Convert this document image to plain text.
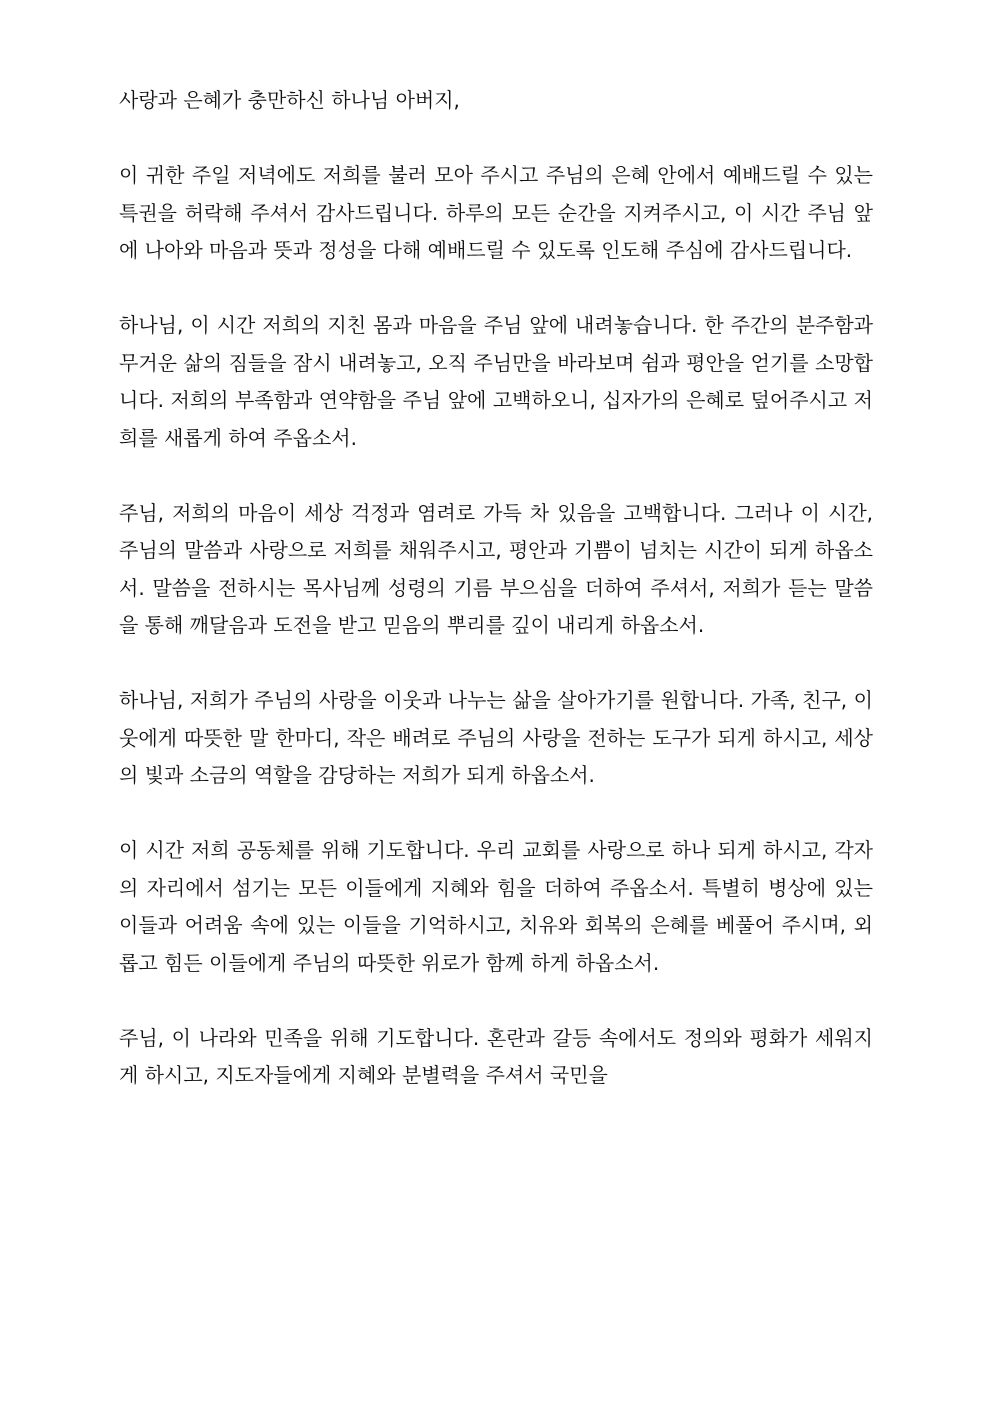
사랑과 은혜가 충만하신 하나님 아버지,

이 귀한 주일 저녁에도 저희를 불러 모아 주시고 주님의 은혜 안에서 예배드릴 수 있는 특권을 허락해 주셔서 감사드립니다. 하루의 모든 순간을 지켜주시고, 이 시간 주님 앞에 나아와 마음과 뜻과 정성을 다해 예배드릴 수 있도록 인도해 주심에 감사드립니다.

하나님, 이 시간 저희의 지친 몸과 마음을 주님 앞에 내려놓습니다. 한 주간의 분주함과 무거운 삶의 짐들을 잠시 내려놓고, 오직 주님만을 바라보며 쉼과 평안을 얻기를 소망합니다. 저희의 부족함과 연약함을 주님 앞에 고백하오니, 십자가의 은혜로 덮어주시고 저희를 새롭게 하여 주옵소서.

주님, 저희의 마음이 세상 걱정과 염려로 가득 차 있음을 고백합니다. 그러나 이 시간, 주님의 말씀과 사랑으로 저희를 채워주시고, 평안과 기쁨이 넘치는 시간이 되게 하옵소서. 말씀을 전하시는 목사님께 성령의 기름 부으심을 더하여 주셔서, 저희가 듣는 말씀을 통해 깨달음과 도전을 받고 믿음의 뿌리를 깊이 내리게 하옵소서.

하나님, 저희가 주님의 사랑을 이웃과 나누는 삶을 살아가기를 원합니다. 가족, 친구, 이웃에게 따뜻한 말 한마디, 작은 배려로 주님의 사랑을 전하는 도구가 되게 하시고, 세상의 빛과 소금의 역할을 감당하는 저희가 되게 하옵소서.

이 시간 저희 공동체를 위해 기도합니다. 우리 교회를 사랑으로 하나 되게 하시고, 각자의 자리에서 섬기는 모든 이들에게 지혜와 힘을 더하여 주옵소서. 특별히 병상에 있는 이들과 어려움 속에 있는 이들을 기억하시고, 치유와 회복의 은혜를 베풀어 주시며, 외롭고 힘든 이들에게 주님의 따뜻한 위로가 함께 하게 하옵소서.

주님, 이 나라와 민족을 위해 기도합니다. 혼란과 갈등 속에서도 정의와 평화가 세워지게 하시고, 지도자들에게 지혜와 분별력을 주셔서 국민을
